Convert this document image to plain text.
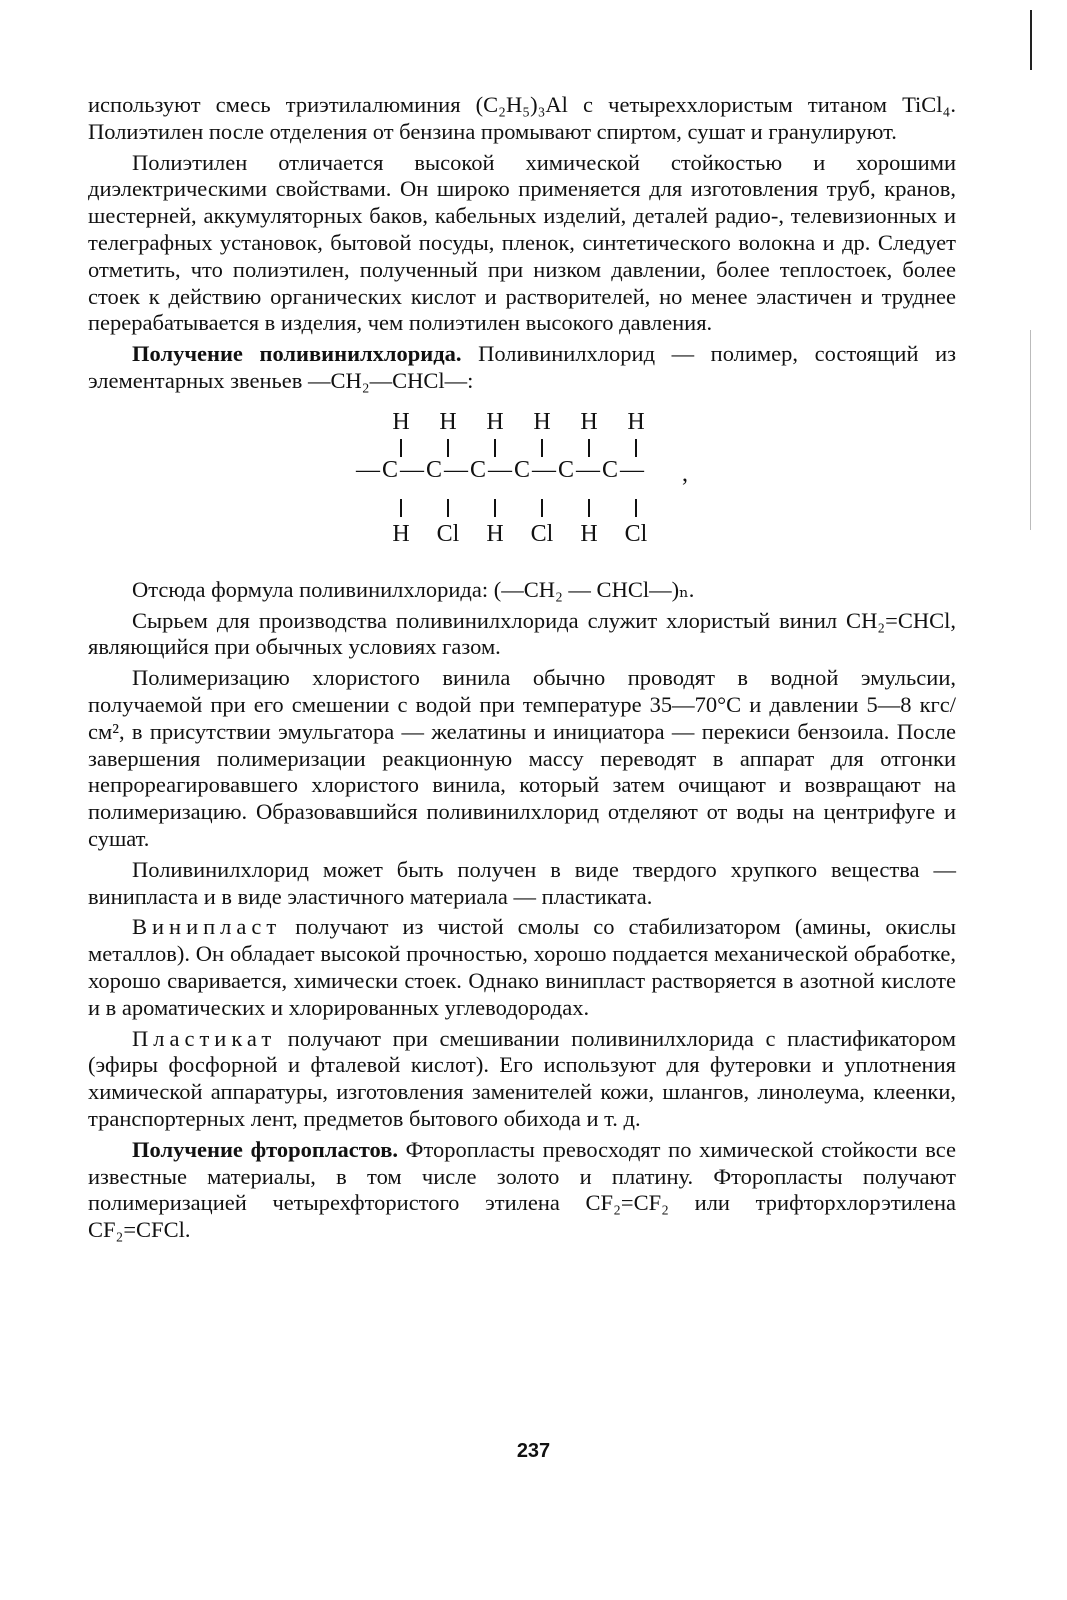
используют смесь триэтилалюминия (C₂H₅)₃Al с четыреххлористым титаном TiCl₄. Полиэтилен после отделения от бензина промывают спиртом, сушат и гранулируют.

Полиэтилен отличается высокой химической стойкостью и хорошими диэлектрическими свойствами. Он широко применяется для изготовления труб, кранов, шестерней, аккумуляторных баков, кабельных изделий, деталей радио-, телевизионных и телеграфных установок, бытовой посуды, пленок, синтетического волокна и др. Следует отметить, что полиэтилен, полученный при низком давлении, более теплостоек, более стоек к действию органических кислот и растворителей, но менее эластичен и труднее перерабатывается в изделия, чем полиэтилен высокого давления.

Получение поливинилхлорида. Поливинилхлорид — полимер, состоящий из элементарных звеньев —CH₂—CHCl—:

H	H	H	H	H	H
—C—C—C—C—C—C— ,
H	Cl	H	Cl	H	Cl

Отсюда формула поливинилхлорида: (—CH₂ — CHCl—)ₙ.

Сырьем для производства поливинилхлорида служит хлористый винил CH₂=CHCl, являющийся при обычных условиях газом.

Полимеризацию хлористого винила обычно проводят в водной эмульсии, получаемой при его смешении с водой при температуре 35—70°C и давлении 5—8 кгс/см², в присутствии эмульгатора — желатины и инициатора — перекиси бензоила. После завершения полимеризации реакционную массу переводят в аппарат для отгонки непрореагировавшего хлористого винила, который затем очищают и возвращают на полимеризацию. Образовавшийся поливинилхлорид отделяют от воды на центрифуге и сушат.

Поливинилхлорид может быть получен в виде твердого хрупкого вещества — винипласта и в виде эластичного материала — пластиката.

Винипласт получают из чистой смолы со стабилизатором (амины, окислы металлов). Он обладает высокой прочностью, хорошо поддается механической обработке, хорошо сваривается, химически стоек. Однако винипласт растворяется в азотной кислоте и в ароматических и хлорированных углеводородах.

Пластикат получают при смешивании поливинилхлорида с пластификатором (эфиры фосфорной и фталевой кислот). Его используют для футеровки и уплотнения химической аппаратуры, изготовления заменителей кожи, шлангов, линолеума, клеенки, транспортерных лент, предметов бытового обихода и т. д.

Получение фторопластов. Фторопласты превосходят по химической стойкости все известные материалы, в том числе золото и платину. Фторопласты получают полимеризацией четырехфтористого этилена CF₂=CF₂ или трифторхлорэтилена CF₂=CFCl.

237
